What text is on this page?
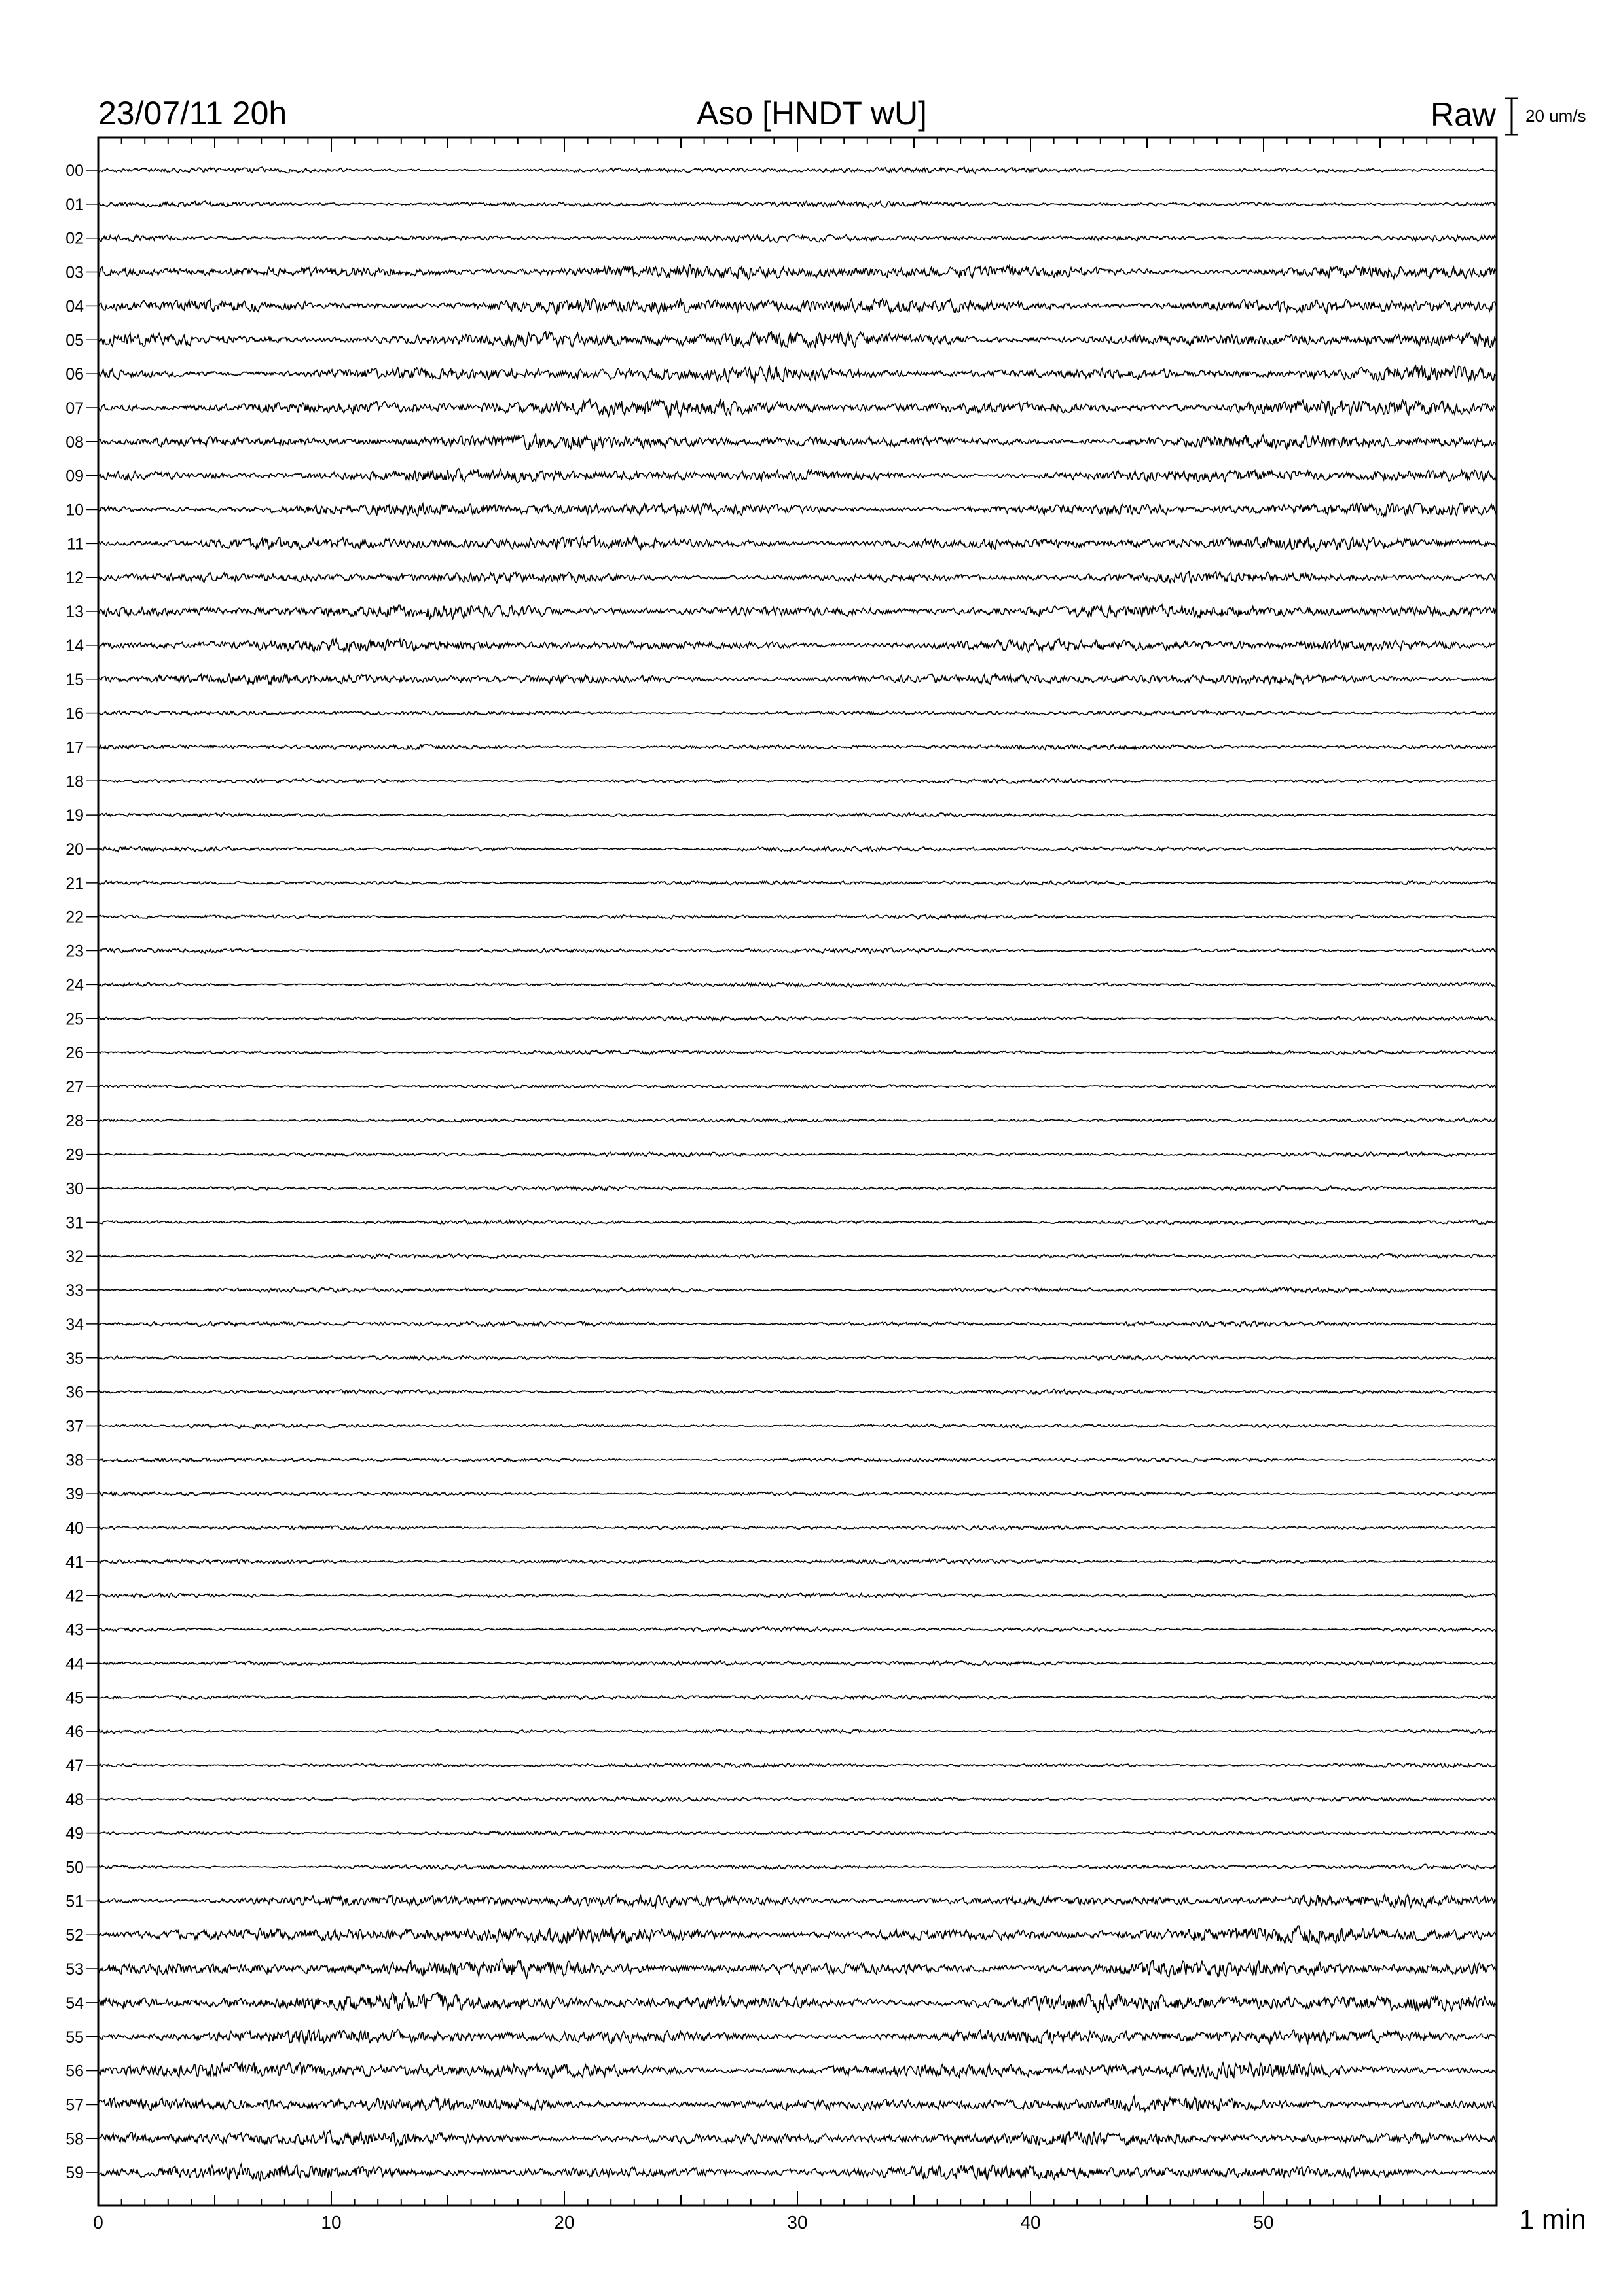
23/07/11 20h	Aso [HNDT wU]	Raw 20 um/s
00
01
02
03
04
05
06
07
08
09
10
11
12
13
14
15
16
17
18
19
20
21
22
23
24
25
26
27
28
29
30
31
32
33
34
35
36
37
38
39
40
41
42
43
44
45
46
47
48
49
50
51
52
53
54
55
56
57
58
59
0	10	20	30	40	50	1 min
